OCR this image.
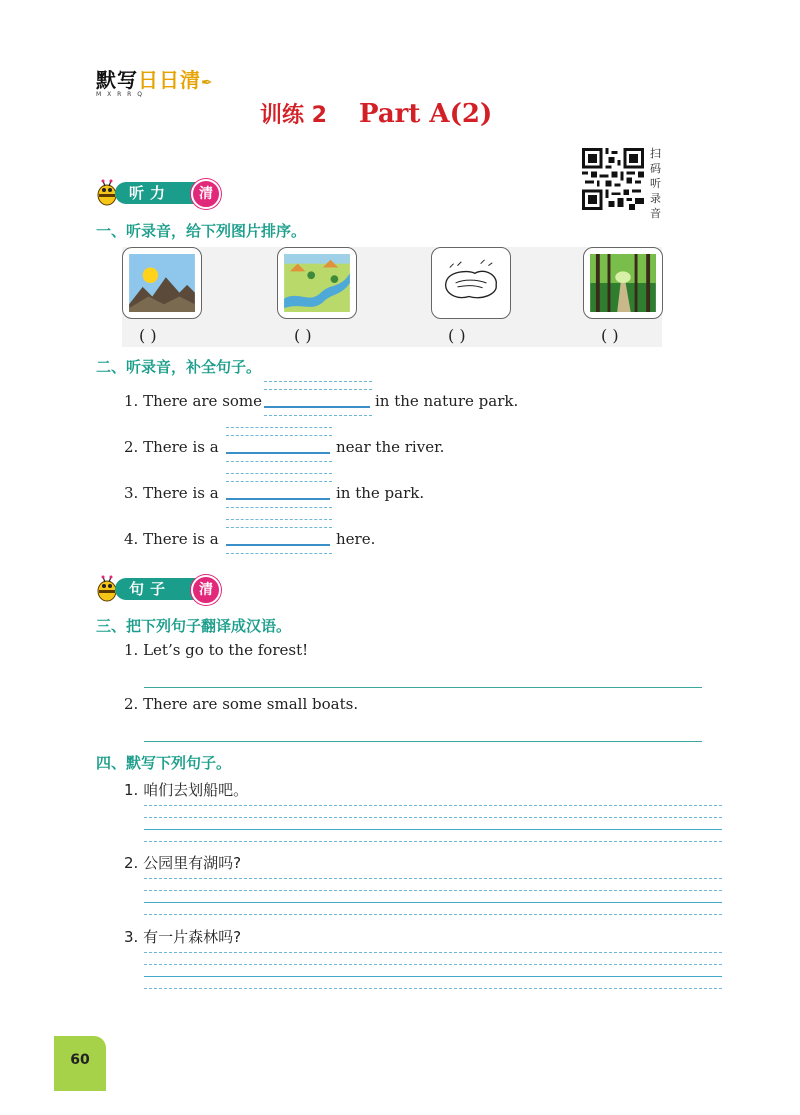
默写日日清✒
M X R R Q
训练 2 Part A(2)
扫码听录音
听力	清
一、听录音，给下列图片排序。
( )	( )	( )	( )
二、听录音，补全句子。
1. There are some	in the nature park.
2. There is a	near the river.
3. There is a	in the park.
4. There is a	here.
句子	清
三、把下列句子翻译成汉语。
1. Let’s go to the forest!
2. There are some small boats.
四、默写下列句子。
1. 咱们去划船吧。
2. 公园里有湖吗?
3. 有一片森林吗?
60
